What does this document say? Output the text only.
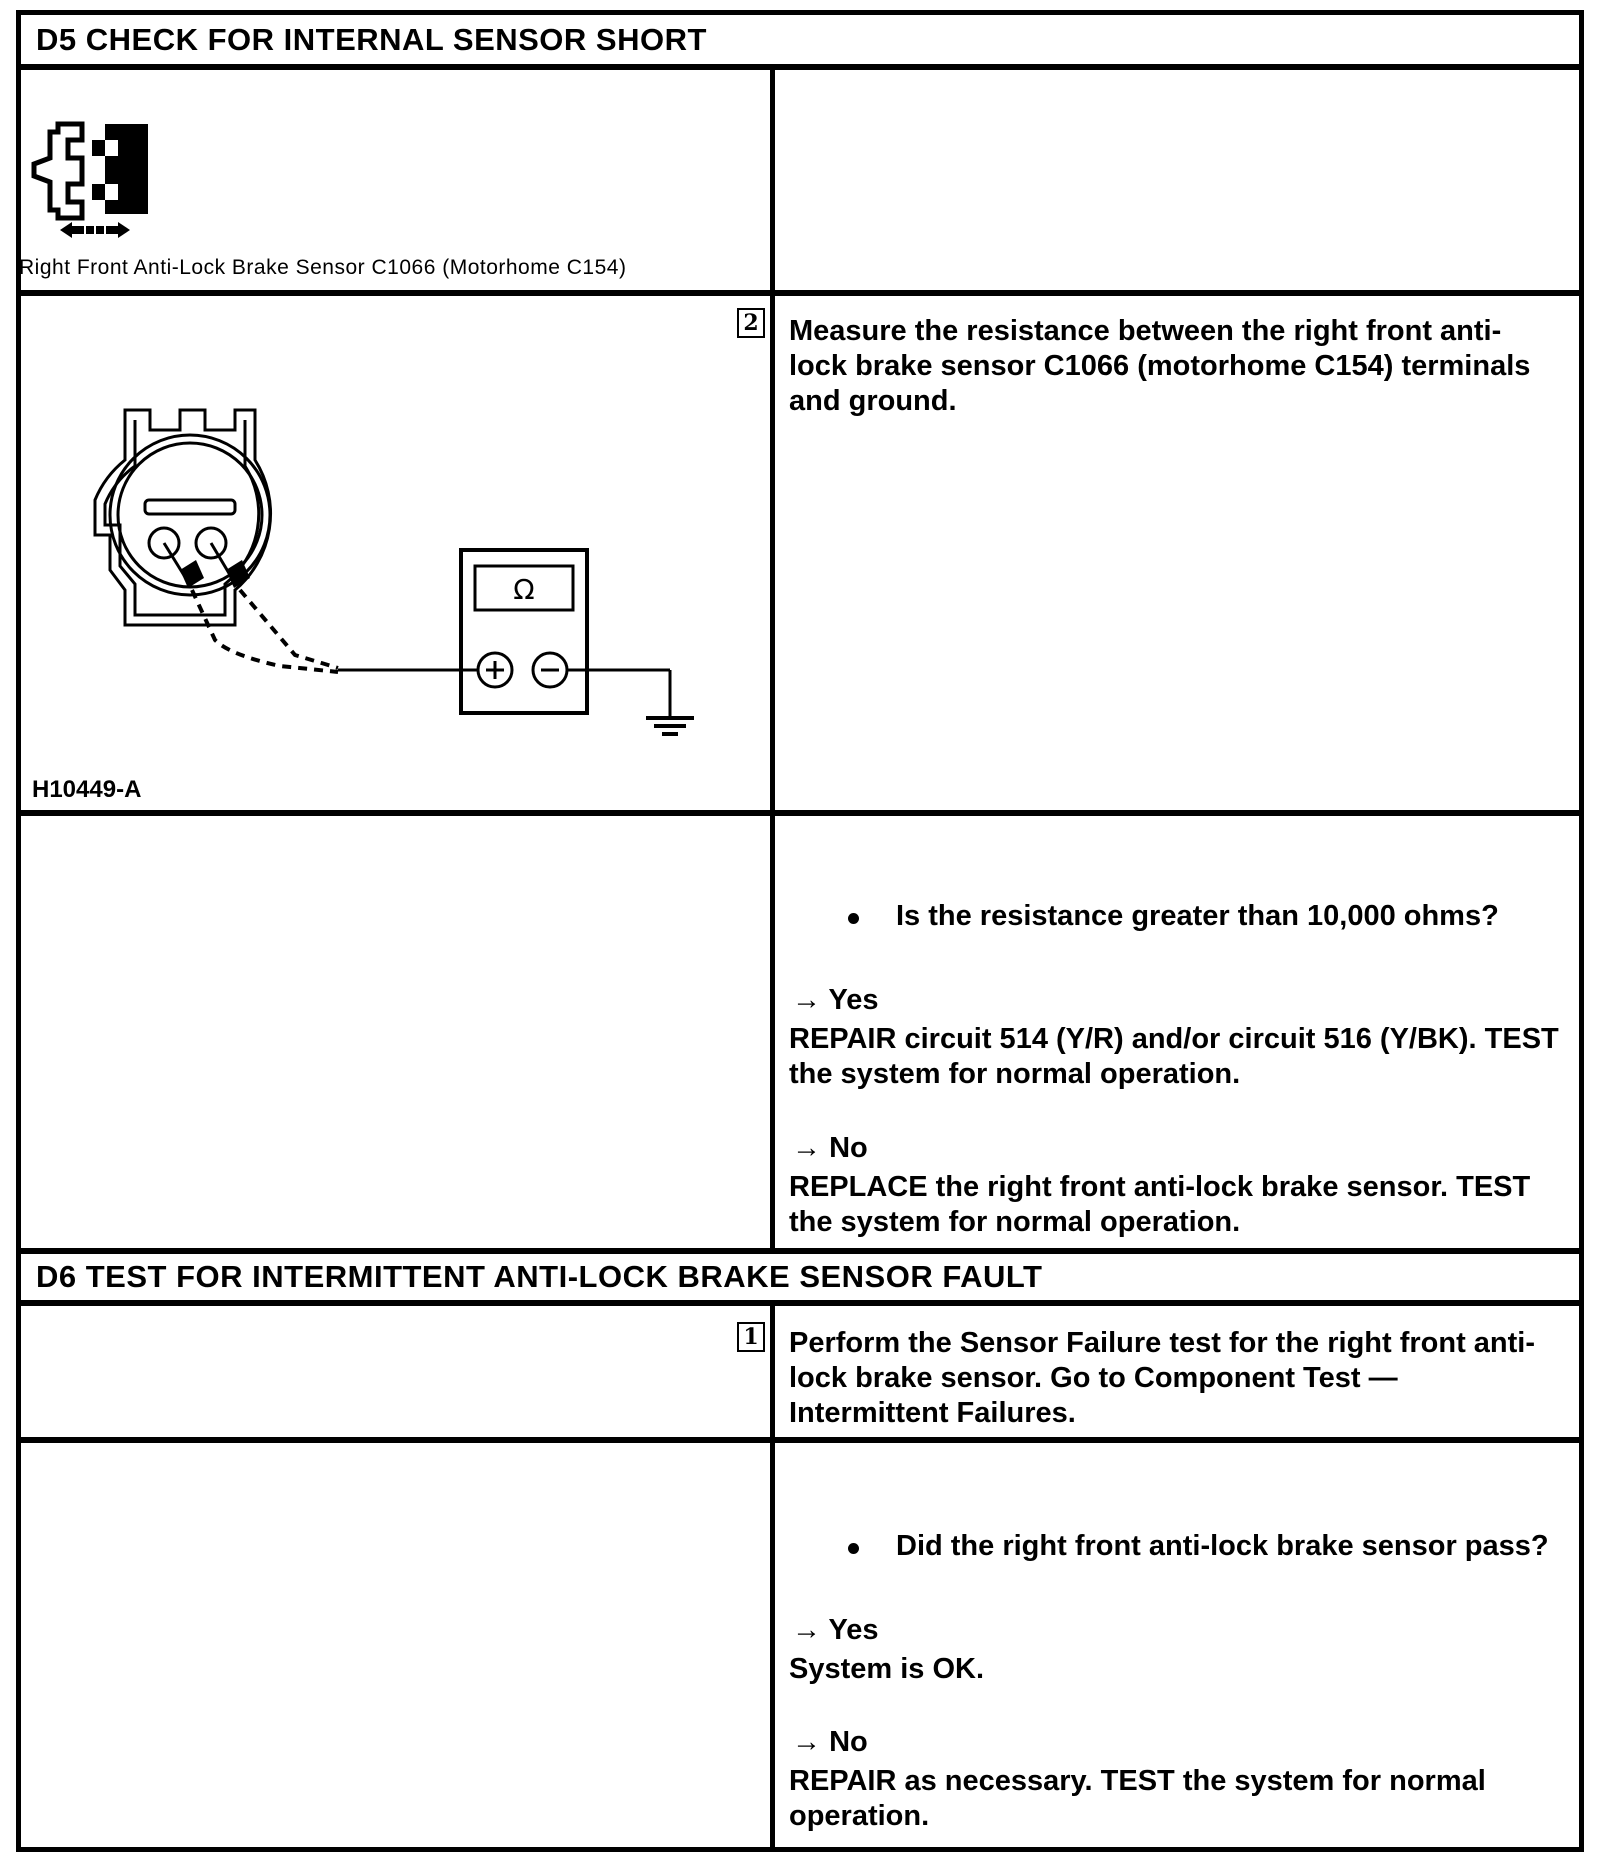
D5 CHECK FOR INTERNAL SENSOR SHORT
Right Front Anti-Lock Brake Sensor C1066 (Motorhome C154)
2
Ω
H10449-A
Measure the resistance between the right front anti-lock brake sensor C1066 (motorhome C154) terminals and ground.
Is the resistance greater than 10,000 ohms?
→ Yes
REPAIR circuit 514 (Y/R) and/or circuit 516 (Y/BK). TEST the system for normal operation.
→ No
REPLACE the right front anti-lock brake sensor. TEST the system for normal operation.
D6 TEST FOR INTERMITTENT ANTI-LOCK BRAKE SENSOR FAULT
1 Perform the Sensor Failure test for the right front anti-lock brake sensor. Go to Component Test — Intermittent Failures.
Did the right front anti-lock brake sensor pass?
→ Yes
System is OK.
→ No
REPAIR as necessary. TEST the system for normal operation.
